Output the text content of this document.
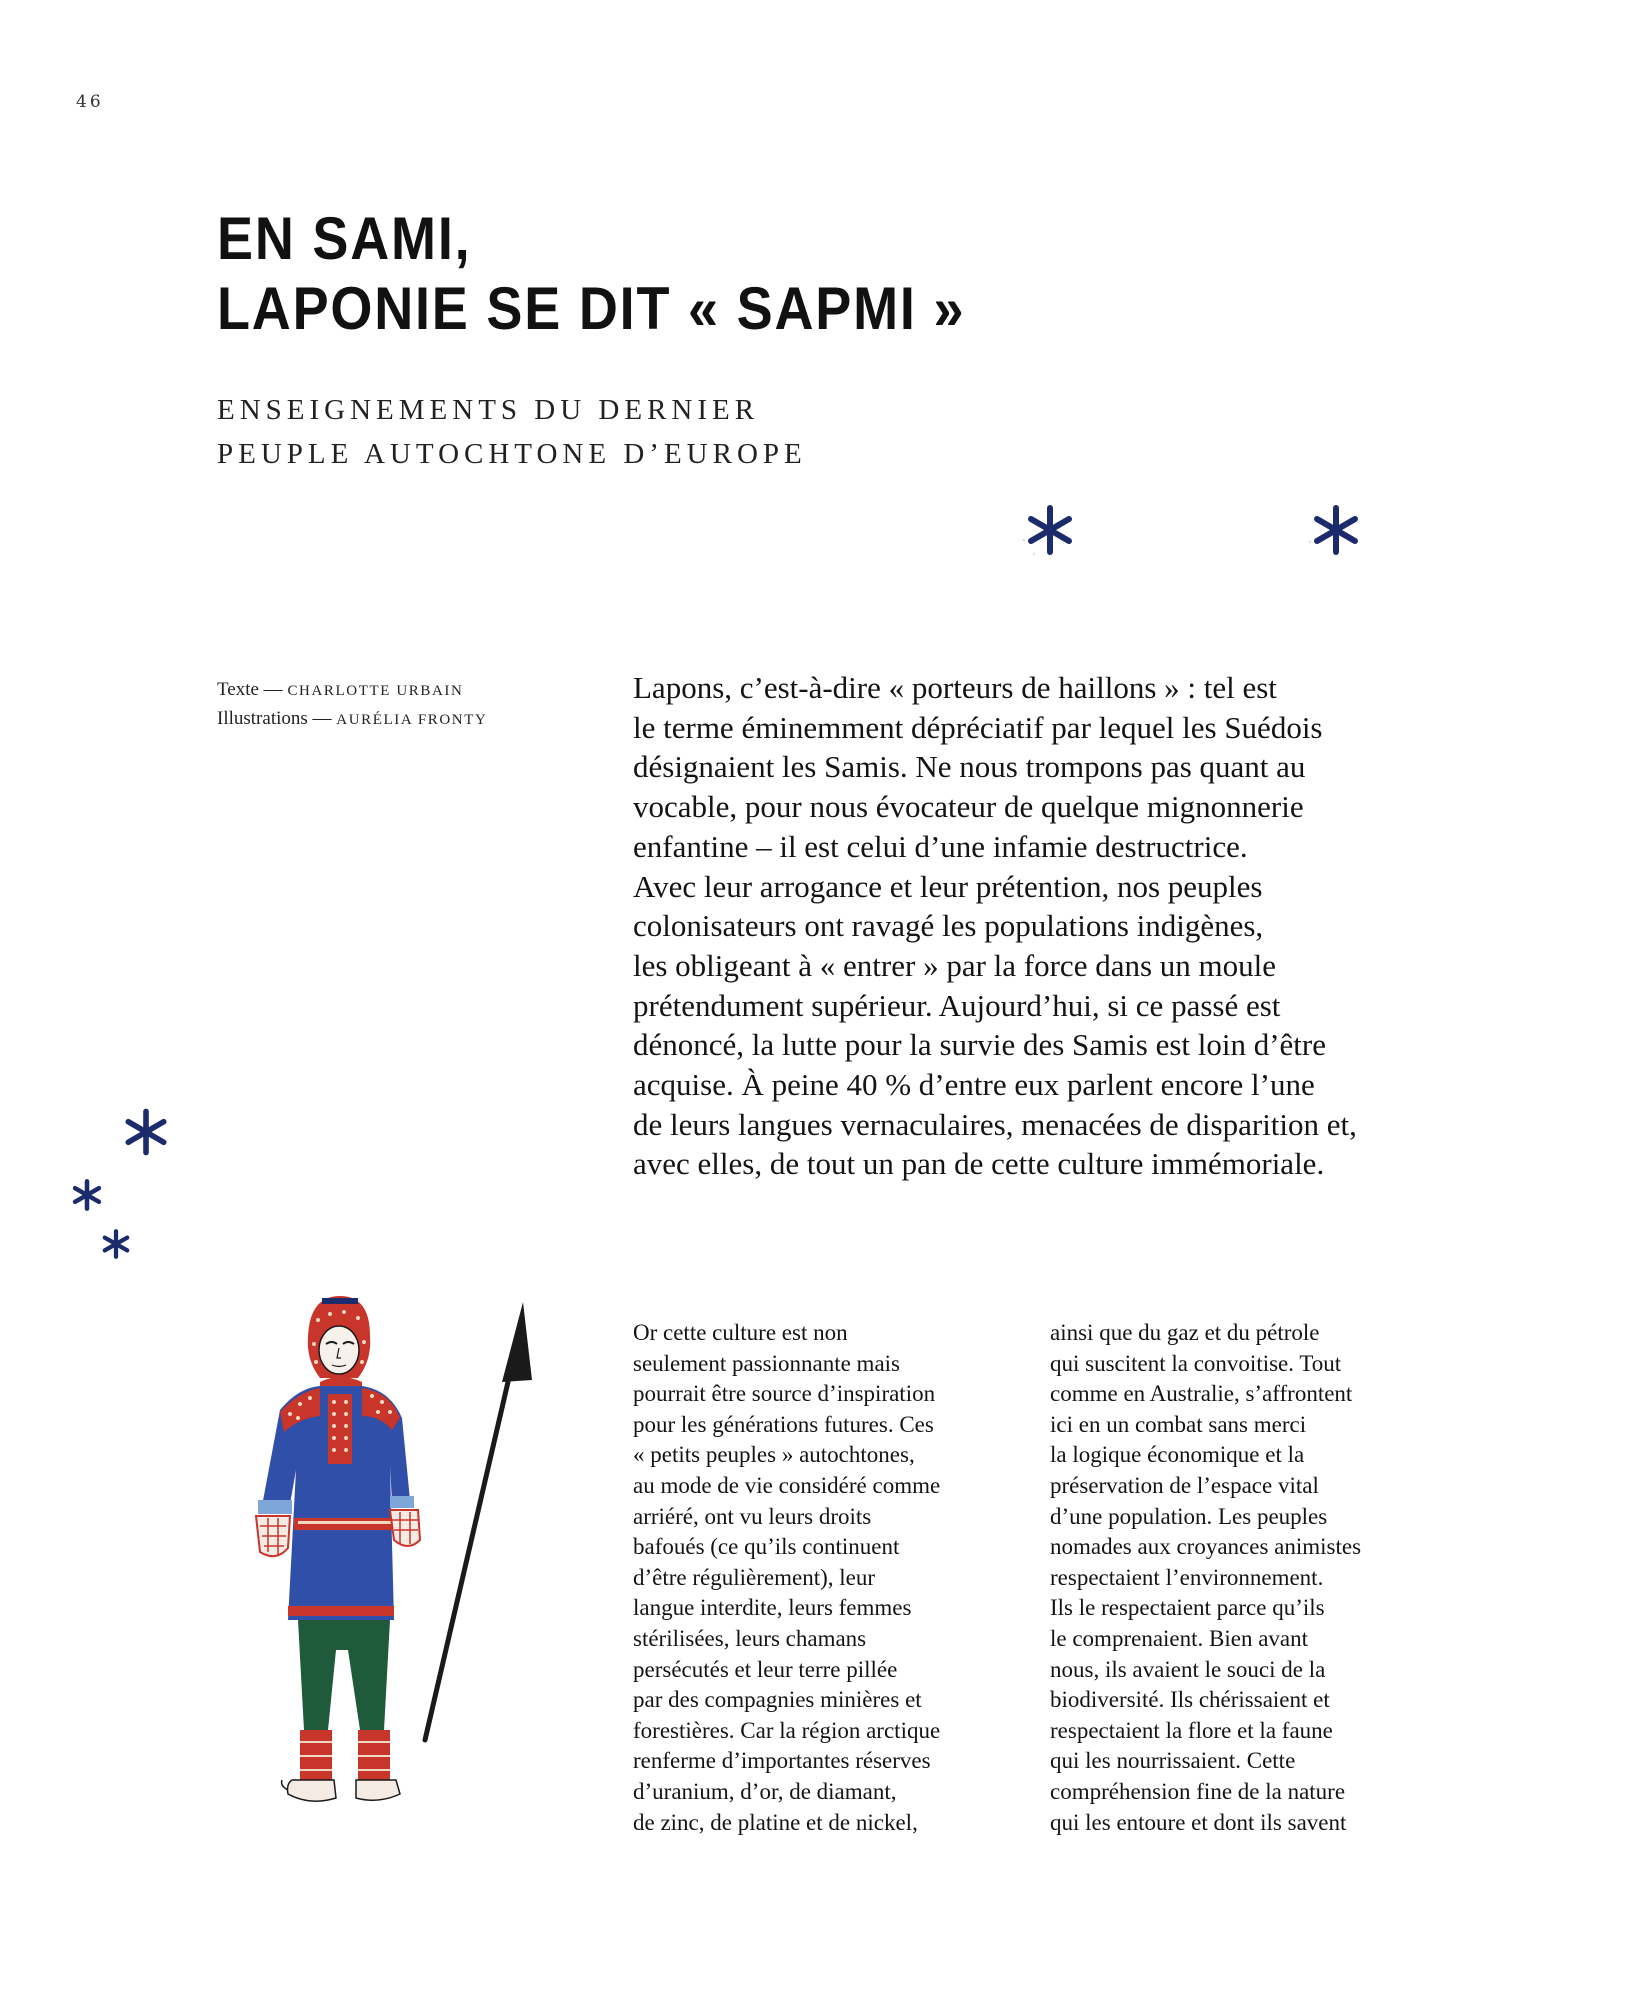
46
EN SAMI,
LAPONIE SE DIT « SAPMI »
ENSEIGNEMENTS DU DERNIER
PEUPLE AUTOCHTONE D’EUROPE
Texte — CHARLOTTE URBAIN
Illustrations — AURÉLIA FRONTY

Lapons, c’est-à-dire « porteurs de haillons » : tel est
le terme éminemment dépréciatif par lequel les Suédois
désignaient les Samis. Ne nous trompons pas quant au
vocable, pour nous évocateur de quelque mignonnerie
enfantine – il est celui d’une infamie destructrice.
Avec leur arrogance et leur prétention, nos peuples
colonisateurs ont ravagé les populations indigènes,
les obligeant à « entrer » par la force dans un moule
prétendument supérieur. Aujourd’hui, si ce passé est
dénoncé, la lutte pour la survie des Samis est loin d’être
acquise. À peine 40 % d’entre eux parlent encore l’une
de leurs langues vernaculaires, menacées de disparition et,
avec elles, de tout un pan de cette culture immémoriale.

Or cette culture est non
seulement passionnante mais
pourrait être source d’inspiration
pour les générations futures. Ces
« petits peuples » autochtones,
au mode de vie considéré comme
arriéré, ont vu leurs droits
bafoués (ce qu’ils continuent
d’être régulièrement), leur
langue interdite, leurs femmes
stérilisées, leurs chamans
persécutés et leur terre pillée
par des compagnies minières et
forestières. Car la région arctique
renferme d’importantes réserves
d’uranium, d’or, de diamant,
de zinc, de platine et de nickel,

ainsi que du gaz et du pétrole
qui suscitent la convoitise. Tout
comme en Australie, s’affrontent
ici en un combat sans merci
la logique économique et la
préservation de l’espace vital
d’une population. Les peuples
nomades aux croyances animistes
respectaient l’environnement.
Ils le respectaient parce qu’ils
le comprenaient. Bien avant
nous, ils avaient le souci de la
biodiversité. Ils chérissaient et
respectaient la flore et la faune
qui les nourrissaient. Cette
compréhension fine de la nature
qui les entoure et dont ils savent
